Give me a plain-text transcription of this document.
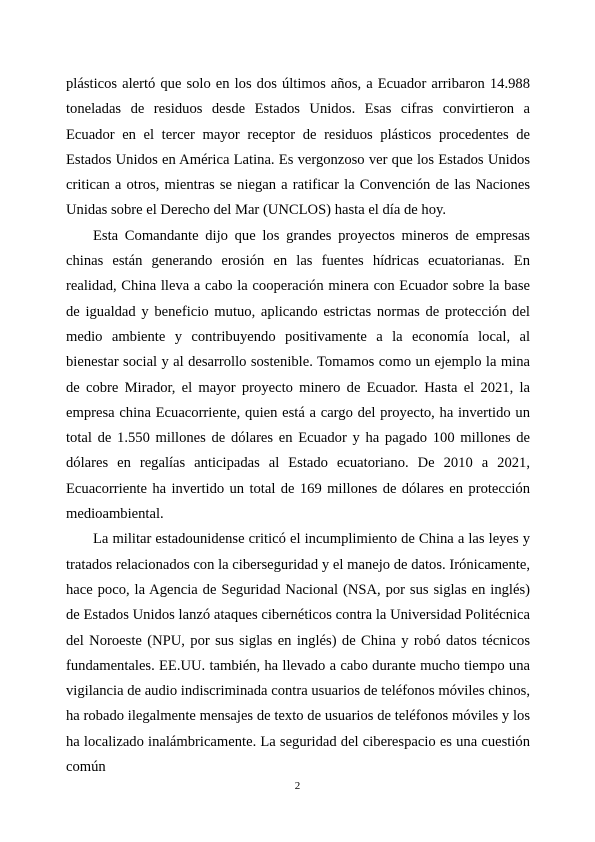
plásticos alertó que solo en los dos últimos años, a Ecuador arribaron 14.988 toneladas de residuos desde Estados Unidos. Esas cifras convirtieron a Ecuador en el tercer mayor receptor de residuos plásticos procedentes de Estados Unidos en América Latina. Es vergonzoso ver que los Estados Unidos critican a otros, mientras se niegan a ratificar la Convención de las Naciones Unidas sobre el Derecho del Mar (UNCLOS) hasta el día de hoy.

Esta Comandante dijo que los grandes proyectos mineros de empresas chinas están generando erosión en las fuentes hídricas ecuatorianas. En realidad, China lleva a cabo la cooperación minera con Ecuador sobre la base de igualdad y beneficio mutuo, aplicando estrictas normas de protección del medio ambiente y contribuyendo positivamente a la economía local, al bienestar social y al desarrollo sostenible. Tomamos como un ejemplo la mina de cobre Mirador, el mayor proyecto minero de Ecuador. Hasta el 2021, la empresa china Ecuacorriente, quien está a cargo del proyecto, ha invertido un total de 1.550 millones de dólares en Ecuador y ha pagado 100 millones de dólares en regalías anticipadas al Estado ecuatoriano. De 2010 a 2021, Ecuacorriente ha invertido un total de 169 millones de dólares en protección medioambiental.

La militar estadounidense criticó el incumplimiento de China a las leyes y tratados relacionados con la ciberseguridad y el manejo de datos. Irónicamente, hace poco, la Agencia de Seguridad Nacional (NSA, por sus siglas en inglés) de Estados Unidos lanzó ataques cibernéticos contra la Universidad Politécnica del Noroeste (NPU, por sus siglas en inglés) de China y robó datos técnicos fundamentales. EE.UU. también, ha llevado a cabo durante mucho tiempo una vigilancia de audio indiscriminada contra usuarios de teléfonos móviles chinos, ha robado ilegalmente mensajes de texto de usuarios de teléfonos móviles y los ha localizado inalámbricamente. La seguridad del ciberespacio es una cuestión común

2
